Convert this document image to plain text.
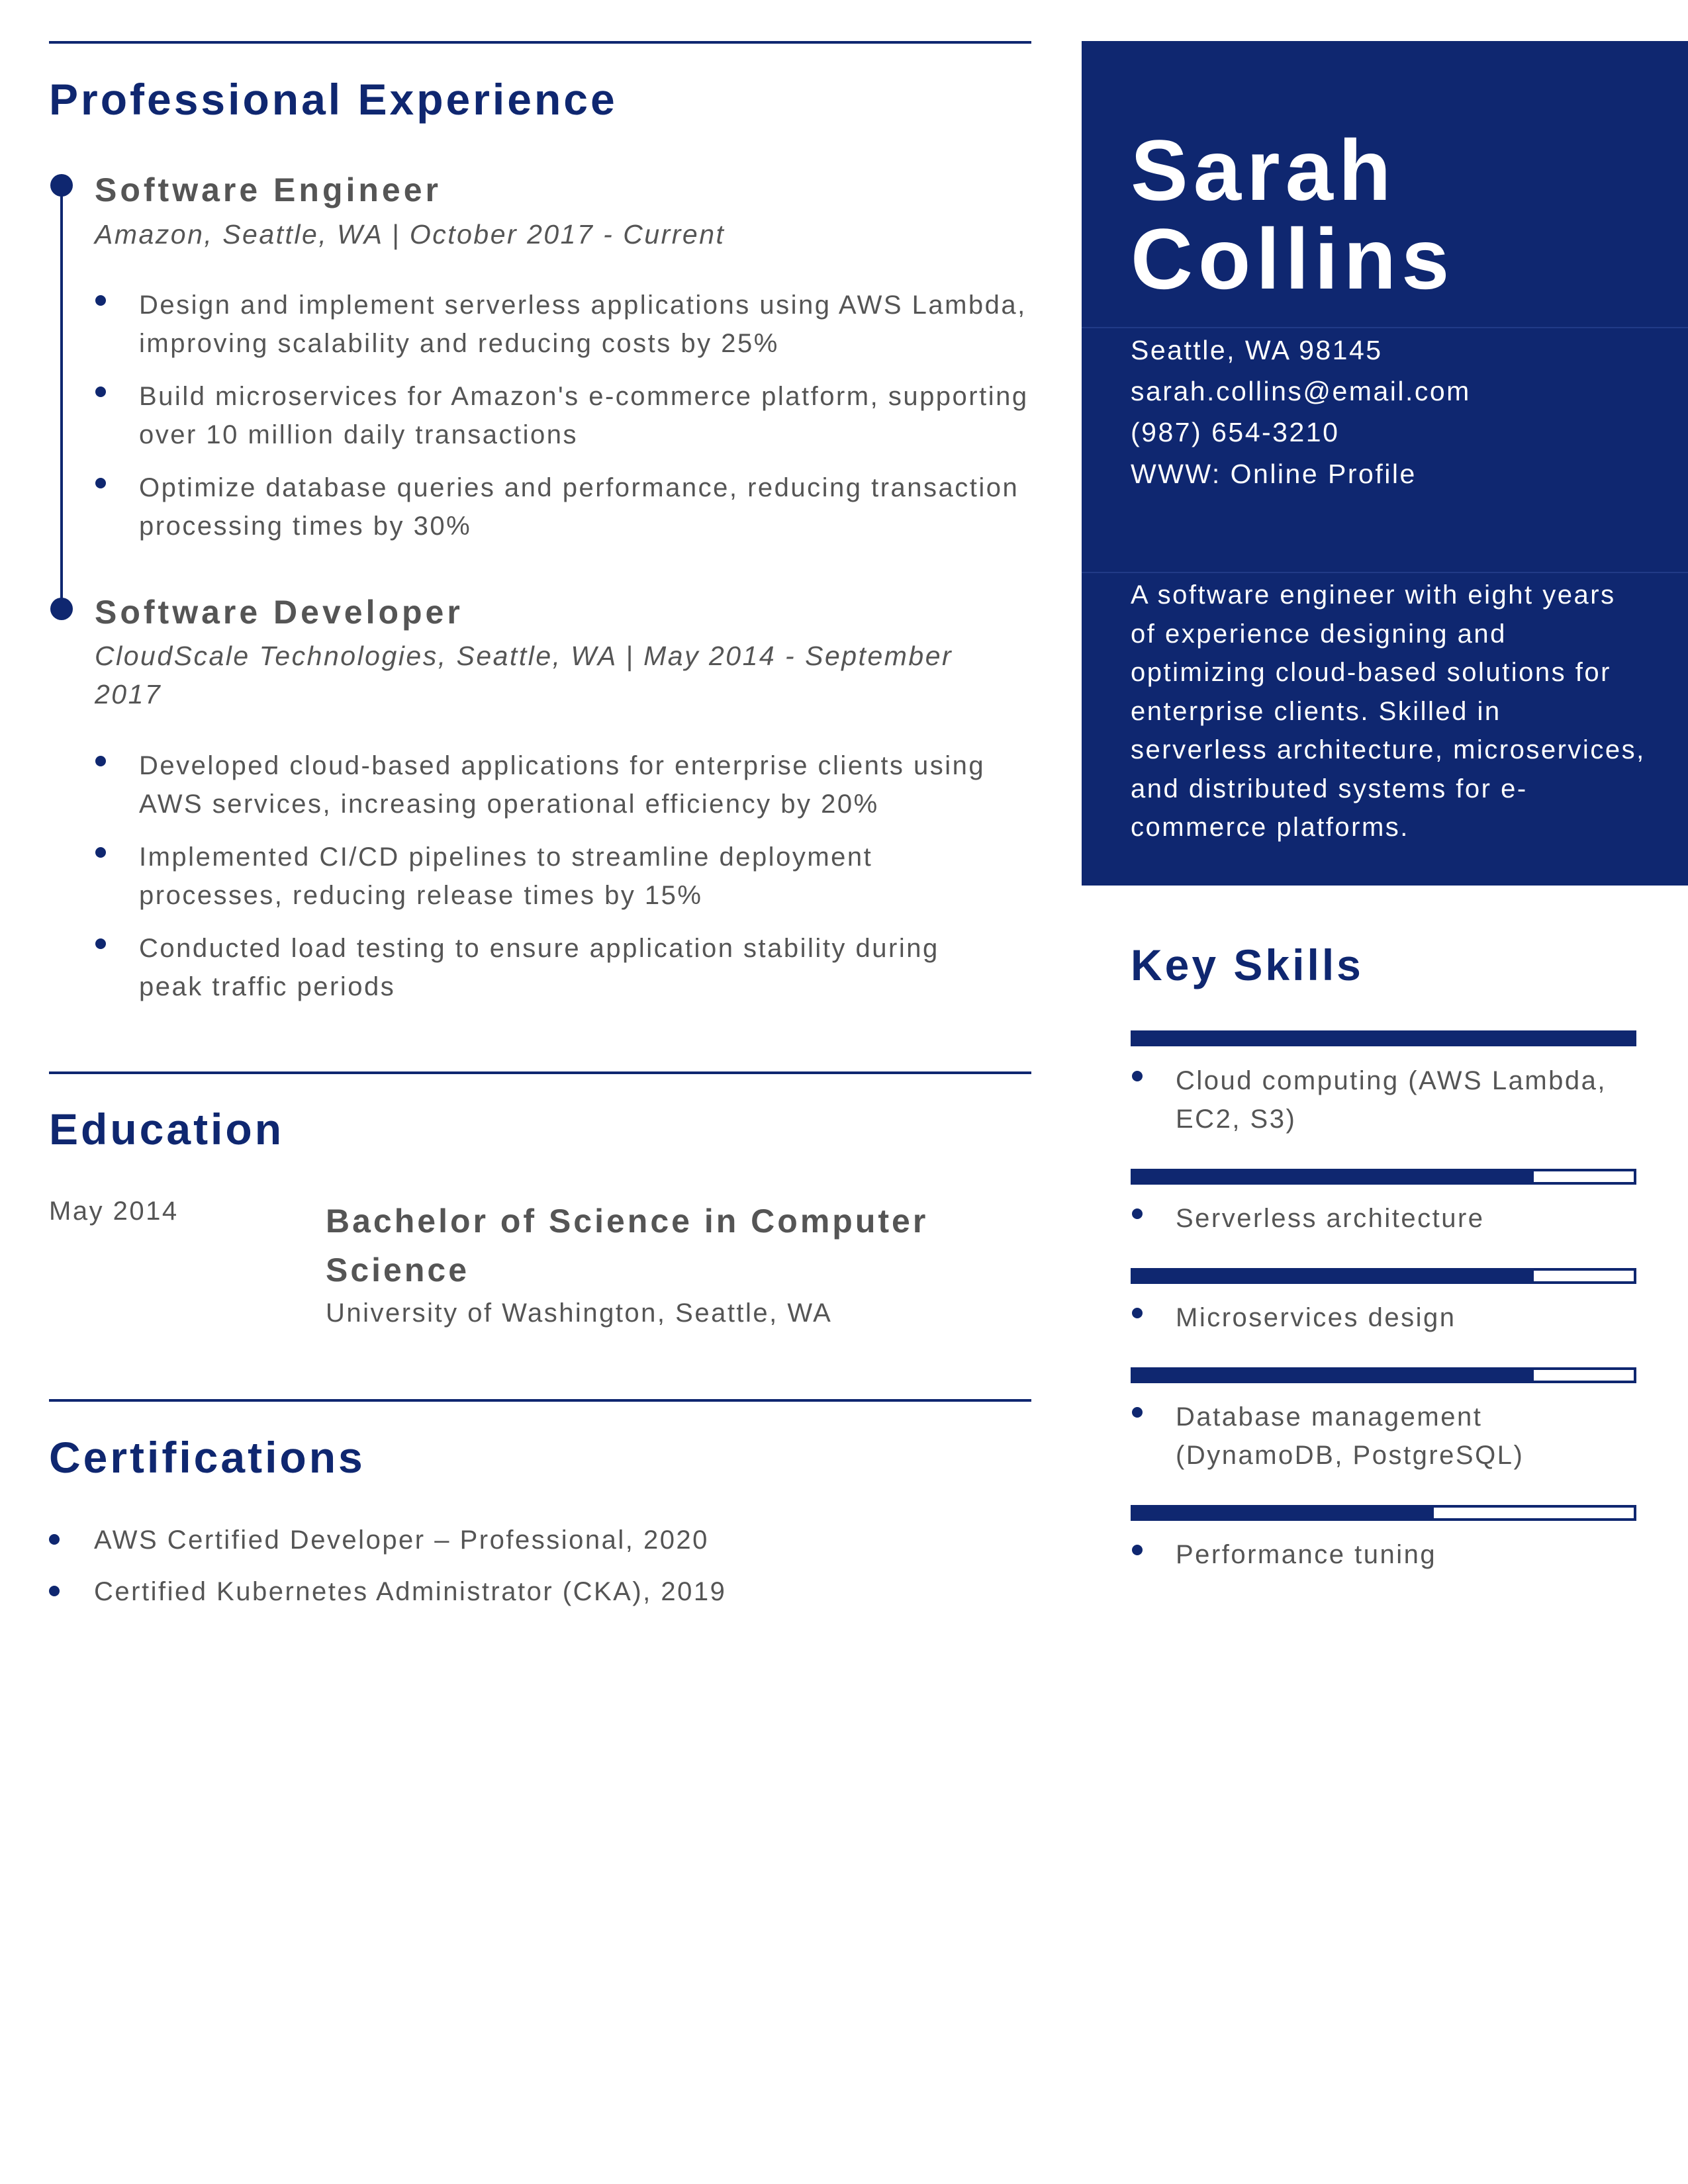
Professional Experience
Software Engineer
Amazon, Seattle, WA | October 2017 - Current
Design and implement serverless applications using AWS Lambda, improving scalability and reducing costs by 25%
Build microservices for Amazon's e-commerce platform, supporting over 10 million daily transactions
Optimize database queries and performance, reducing transaction processing times by 30%
Software Developer
CloudScale Technologies, Seattle, WA | May 2014 - September 2017
Developed cloud-based applications for enterprise clients using AWS services, increasing operational efficiency by 20%
Implemented CI/CD pipelines to streamline deployment processes, reducing release times by 15%
Conducted load testing to ensure application stability during peak traffic periods
Education
May 2014	Bachelor of Science in Computer Science
University of Washington, Seattle, WA
Certifications
AWS Certified Developer – Professional, 2020
Certified Kubernetes Administrator (CKA), 2019
Sarah
Collins
Seattle, WA 98145
sarah.collins@email.com
(987) 654-3210
WWW: Online Profile
A software engineer with eight years of experience designing and optimizing cloud-based solutions for enterprise clients. Skilled in serverless architecture, microservices, and distributed systems for e-commerce platforms.
Key Skills
Cloud computing (AWS Lambda, EC2, S3)
Serverless architecture
Microservices design
Database management (DynamoDB, PostgreSQL)
Performance tuning
